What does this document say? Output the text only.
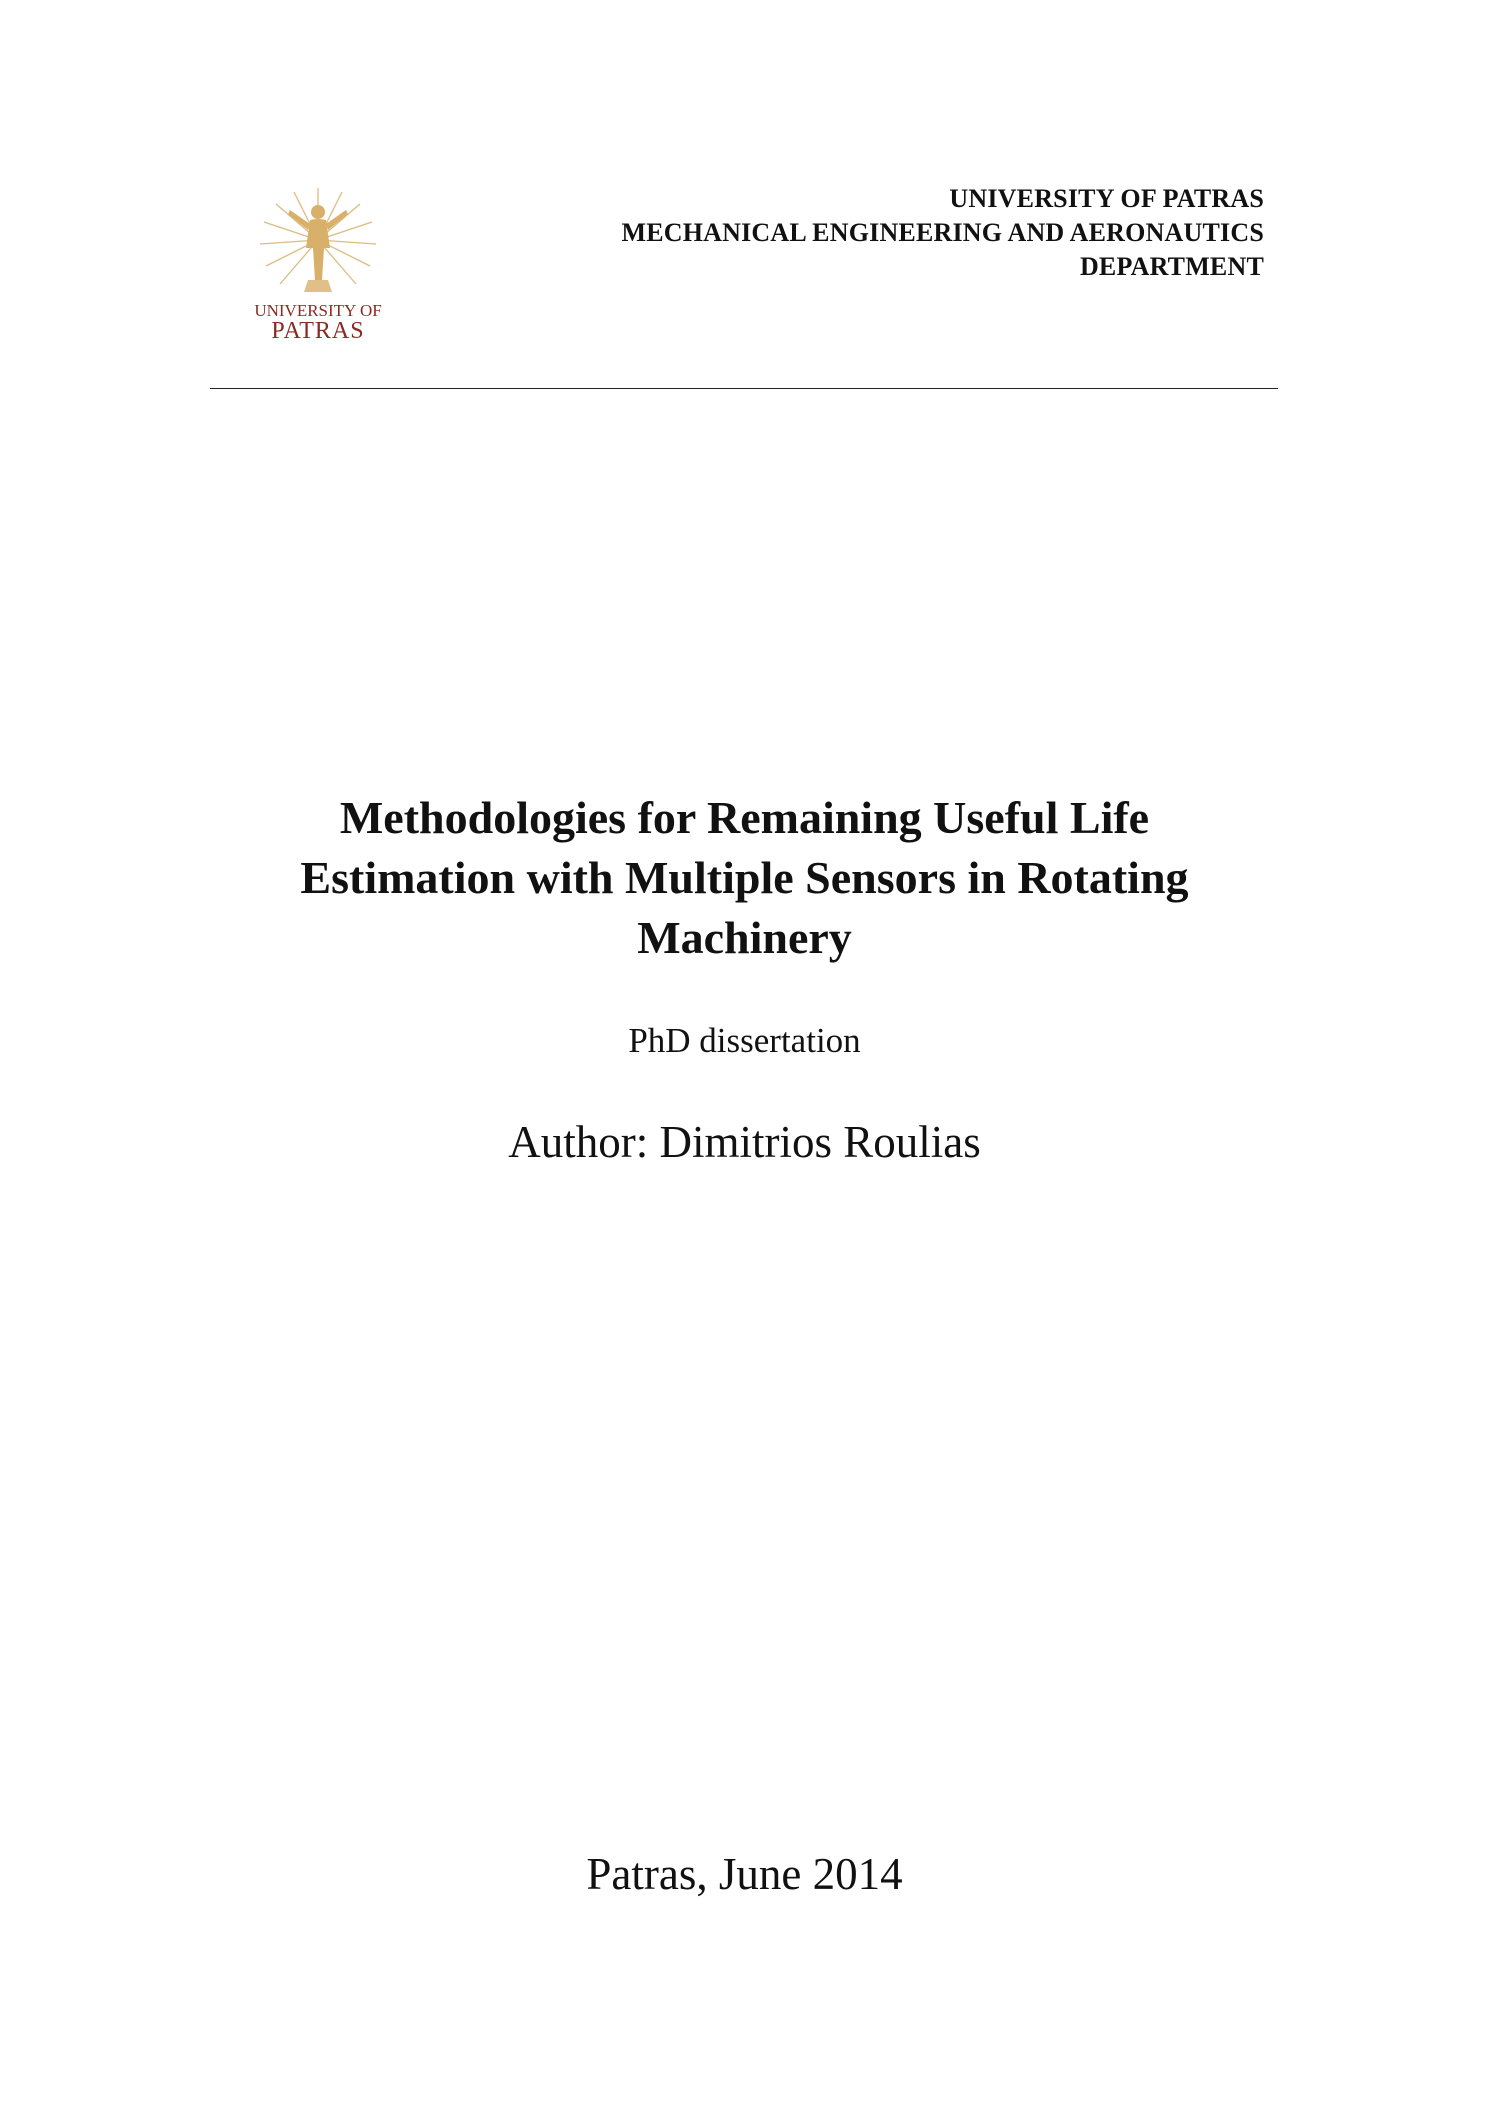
UNIVERSITY OF
PATRAS
UNIVERSITY OF PATRAS
MECHANICAL ENGINEERING AND AERONAUTICS
DEPARTMENT
Methodologies for Remaining Useful Life
Estimation with Multiple Sensors in Rotating
Machinery
PhD dissertation
Author: Dimitrios Roulias
Patras, June 2014
